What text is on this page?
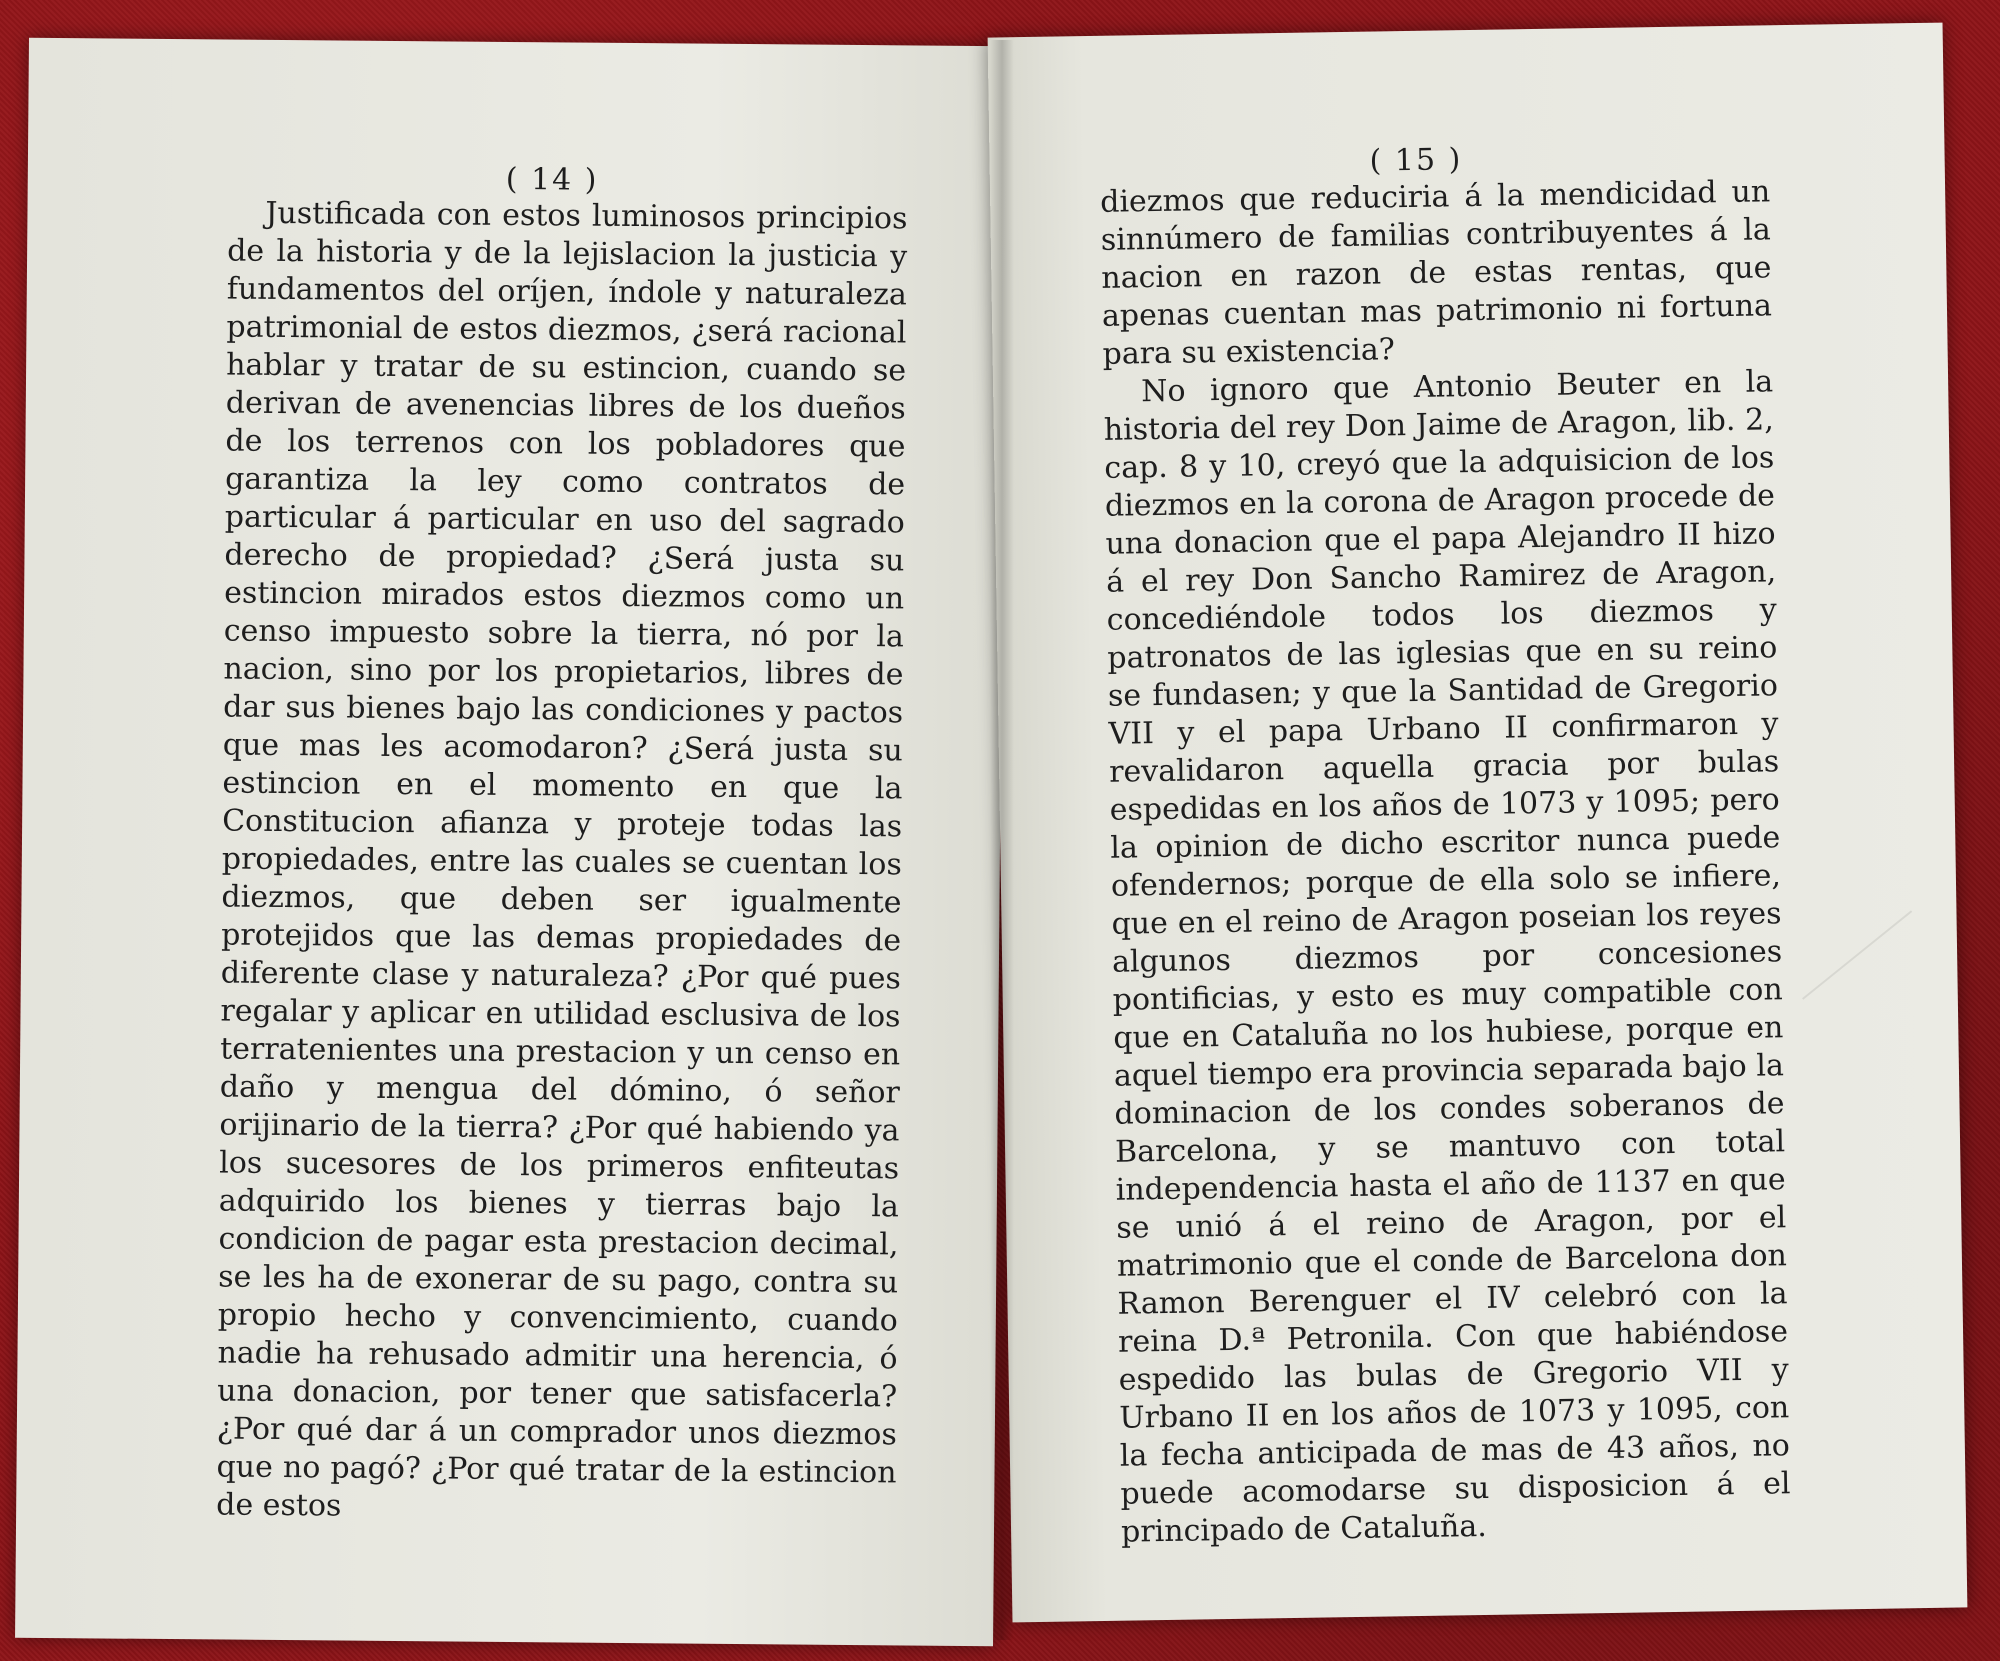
( 14 )

Justificada con estos luminosos principios de la historia y de la lejislacion la justicia y fundamentos del oríjen, índole y naturaleza patrimonial de estos diezmos, ¿será racional hablar y tratar de su estincion, cuando se derivan de avenencias libres de los dueños de los terrenos con los pobladores que garantiza la ley como contratos de particular á particular en uso del sagrado derecho de propiedad? ¿Será justa su estincion mirados estos diezmos como un censo impuesto sobre la tierra, nó por la nacion, sino por los propietarios, libres de dar sus bienes bajo las condiciones y pactos que mas les acomodaron? ¿Será justa su estincion en el momento en que la Constitucion afianza y proteje todas las propiedades, entre las cuales se cuentan los diezmos, que deben ser igualmente protejidos que las demas propiedades de diferente clase y naturaleza? ¿Por qué pues regalar y aplicar en utilidad esclusiva de los terratenientes una prestacion y un censo en daño y mengua del dómino, ó señor orijinario de la tierra? ¿Por qué habiendo ya los sucesores de los primeros enfiteutas adquirido los bienes y tierras bajo la condicion de pagar esta prestacion decimal, se les ha de exonerar de su pago, contra su propio hecho y convencimiento, cuando nadie ha rehusado admitir una herencia, ó una donacion, por tener que satisfacerla? ¿Por qué dar á un comprador unos diezmos que no pagó? ¿Por qué tratar de la estincion de estos

( 15 )

diezmos que reduciria á la mendicidad un sinnúmero de familias contribuyentes á la nacion en razon de estas rentas, que apenas cuentan mas patrimonio ni fortuna para su existencia?

No ignoro que Antonio Beuter en la historia del rey Don Jaime de Aragon, lib. 2, cap. 8 y 10, creyó que la adquisicion de los diezmos en la corona de Aragon procede de una donacion que el papa Alejandro II hizo á el rey Don Sancho Ramirez de Aragon, concediéndole todos los diezmos y patronatos de las iglesias que en su reino se fundasen; y que la Santidad de Gregorio VII y el papa Urbano II confirmaron y revalidaron aquella gracia por bulas espedidas en los años de 1073 y 1095; pero la opinion de dicho escritor nunca puede ofendernos; porque de ella solo se infiere, que en el reino de Aragon poseian los reyes algunos diezmos por concesiones pontificias, y esto es muy compatible con que en Cataluña no los hubiese, porque en aquel tiempo era provincia separada bajo la dominacion de los condes soberanos de Barcelona, y se mantuvo con total independencia hasta el año de 1137 en que se unió á el reino de Aragon, por el matrimonio que el conde de Barcelona don Ramon Berenguer el IV celebró con la reina D.ª Petronila. Con que habiéndose espedido las bulas de Gregorio VII y Urbano II en los años de 1073 y 1095, con la fecha anticipada de mas de 43 años, no puede acomodarse su disposicion á el principado de Cataluña.
